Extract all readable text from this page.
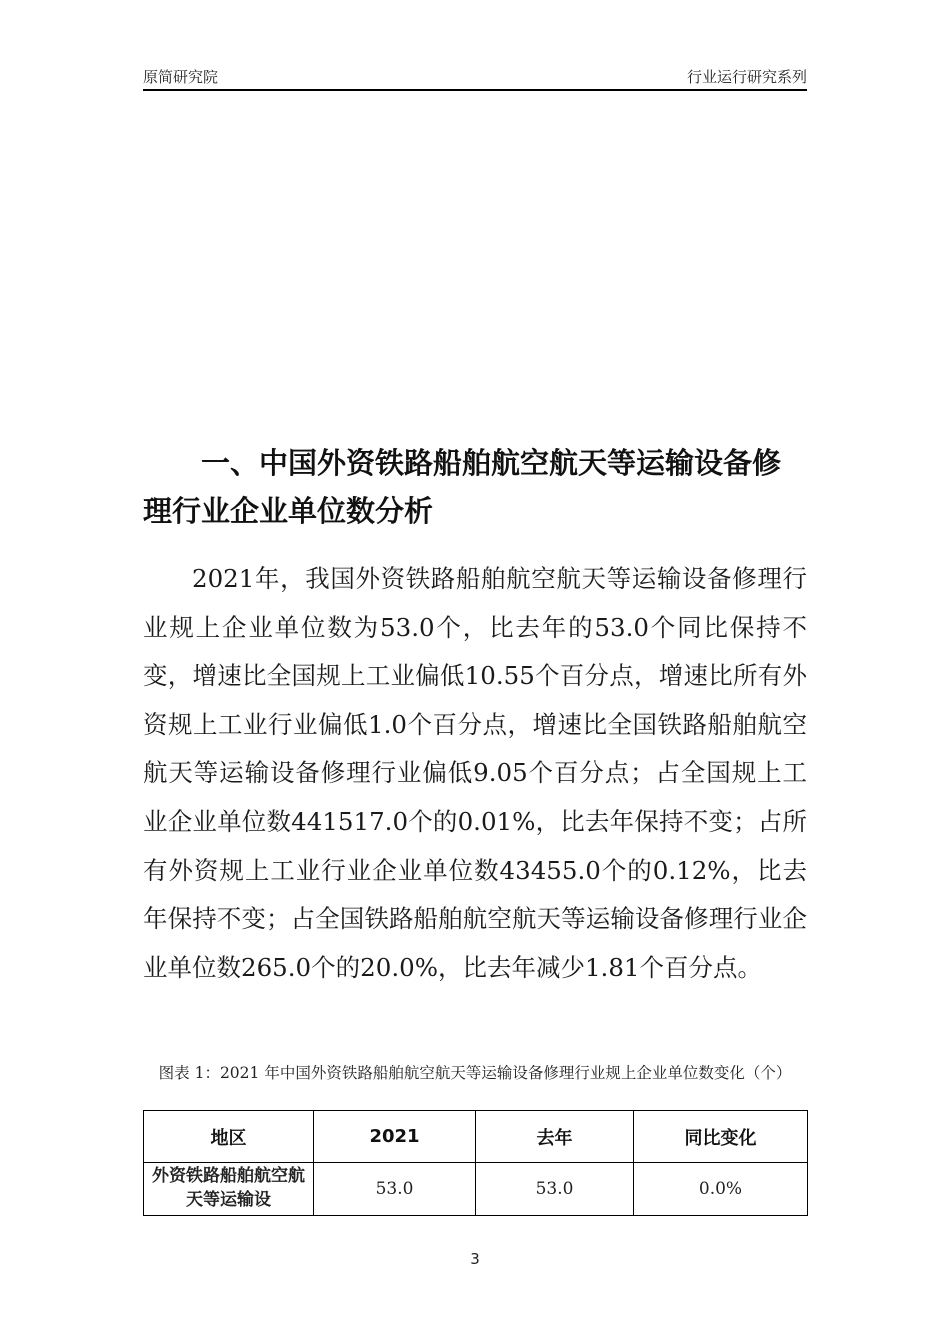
原简研究院	行业运行研究系列
一、中国外资铁路船舶航空航天等运输设备修理行业企业单位数分析

2021年，我国外资铁路船舶航空航天等运输设备修理行业规上企业单位数为53.0个，比去年的53.0个同比保持不变，增速比全国规上工业偏低10.55个百分点，增速比所有外资规上工业行业偏低1.0个百分点，增速比全国铁路船舶航空航天等运输设备修理行业偏低9.05个百分点；占全国规上工业企业单位数441517.0个的0.01%，比去年保持不变；占所有外资规上工业行业企业单位数43455.0个的0.12%，比去年保持不变；占全国铁路船舶航空航天等运输设备修理行业企业单位数265.0个的20.0%，比去年减少1.81个百分点。

图表 1：2021 年中国外资铁路船舶航空航天等运输设备修理行业规上企业单位数变化（个）

地区	2021	去年	同比变化
外资铁路船舶航空航天等运输设	53.0	53.0	0.0%
3
